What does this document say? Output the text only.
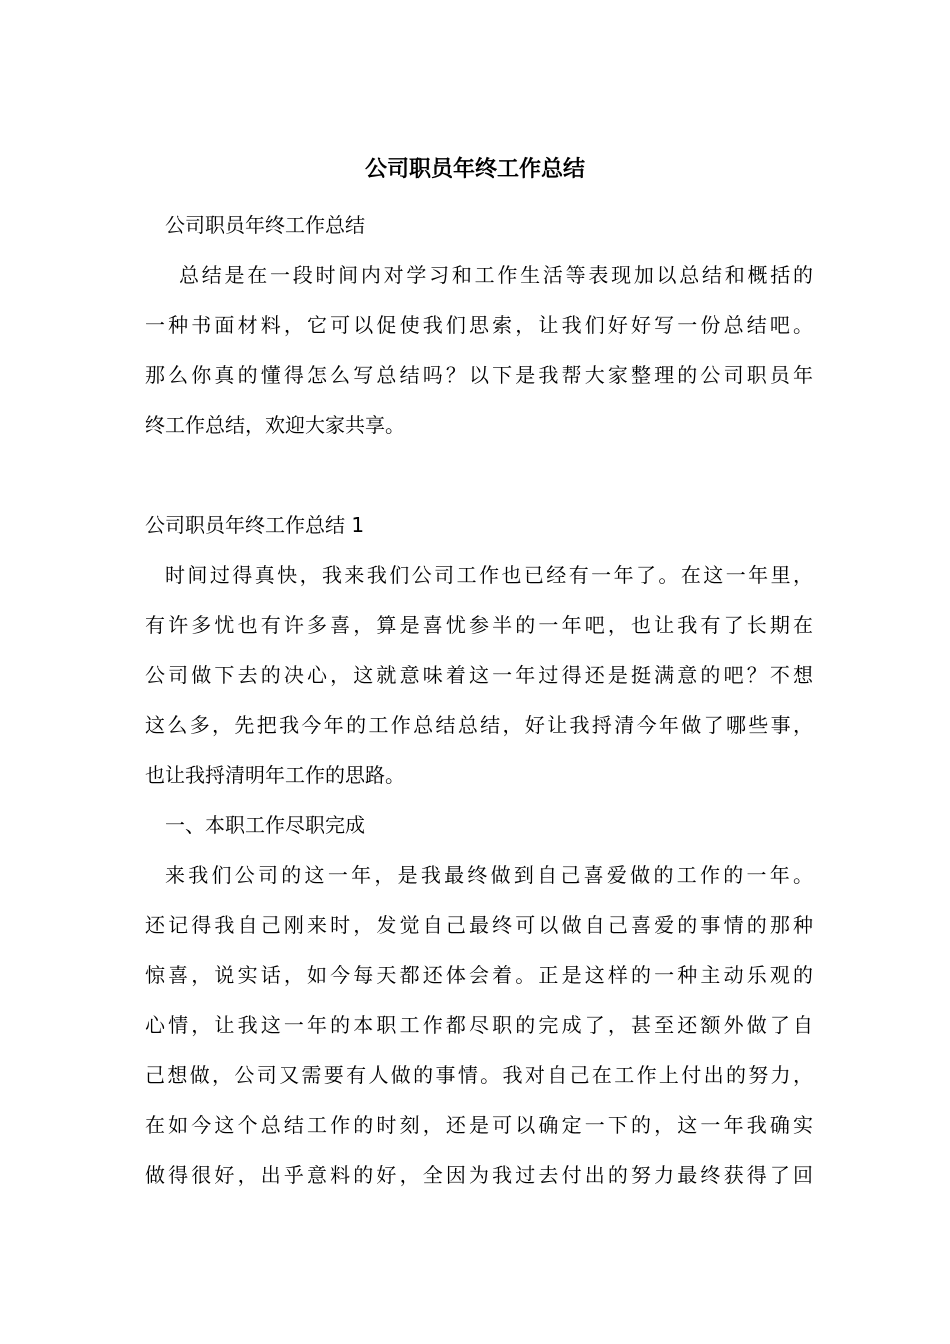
公司职员年终工作总结

公司职员年终工作总结

总结是在一段时间内对学习和工作生活等表现加以总结和概括的

一种书面材料，它可以促使我们思索，让我们好好写一份总结吧。

那么你真的懂得怎么写总结吗？以下是我帮大家整理的公司职员年

终工作总结，欢迎大家共享。

公司职员年终工作总结 1

时间过得真快，我来我们公司工作也已经有一年了。在这一年里，

有许多忧也有许多喜，算是喜忧参半的一年吧，也让我有了长期在

公司做下去的决心，这就意味着这一年过得还是挺满意的吧？不想

这么多，先把我今年的工作总结总结，好让我捋清今年做了哪些事，

也让我捋清明年工作的思路。

一、本职工作尽职完成

来我们公司的这一年，是我最终做到自己喜爱做的工作的一年。

还记得我自己刚来时，发觉自己最终可以做自己喜爱的事情的那种

惊喜，说实话，如今每天都还体会着。正是这样的一种主动乐观的

心情，让我这一年的本职工作都尽职的完成了，甚至还额外做了自

己想做，公司又需要有人做的事情。我对自己在工作上付出的努力，

在如今这个总结工作的时刻，还是可以确定一下的，这一年我确实

做得很好，出乎意料的好，全因为我过去付出的努力最终获得了回
